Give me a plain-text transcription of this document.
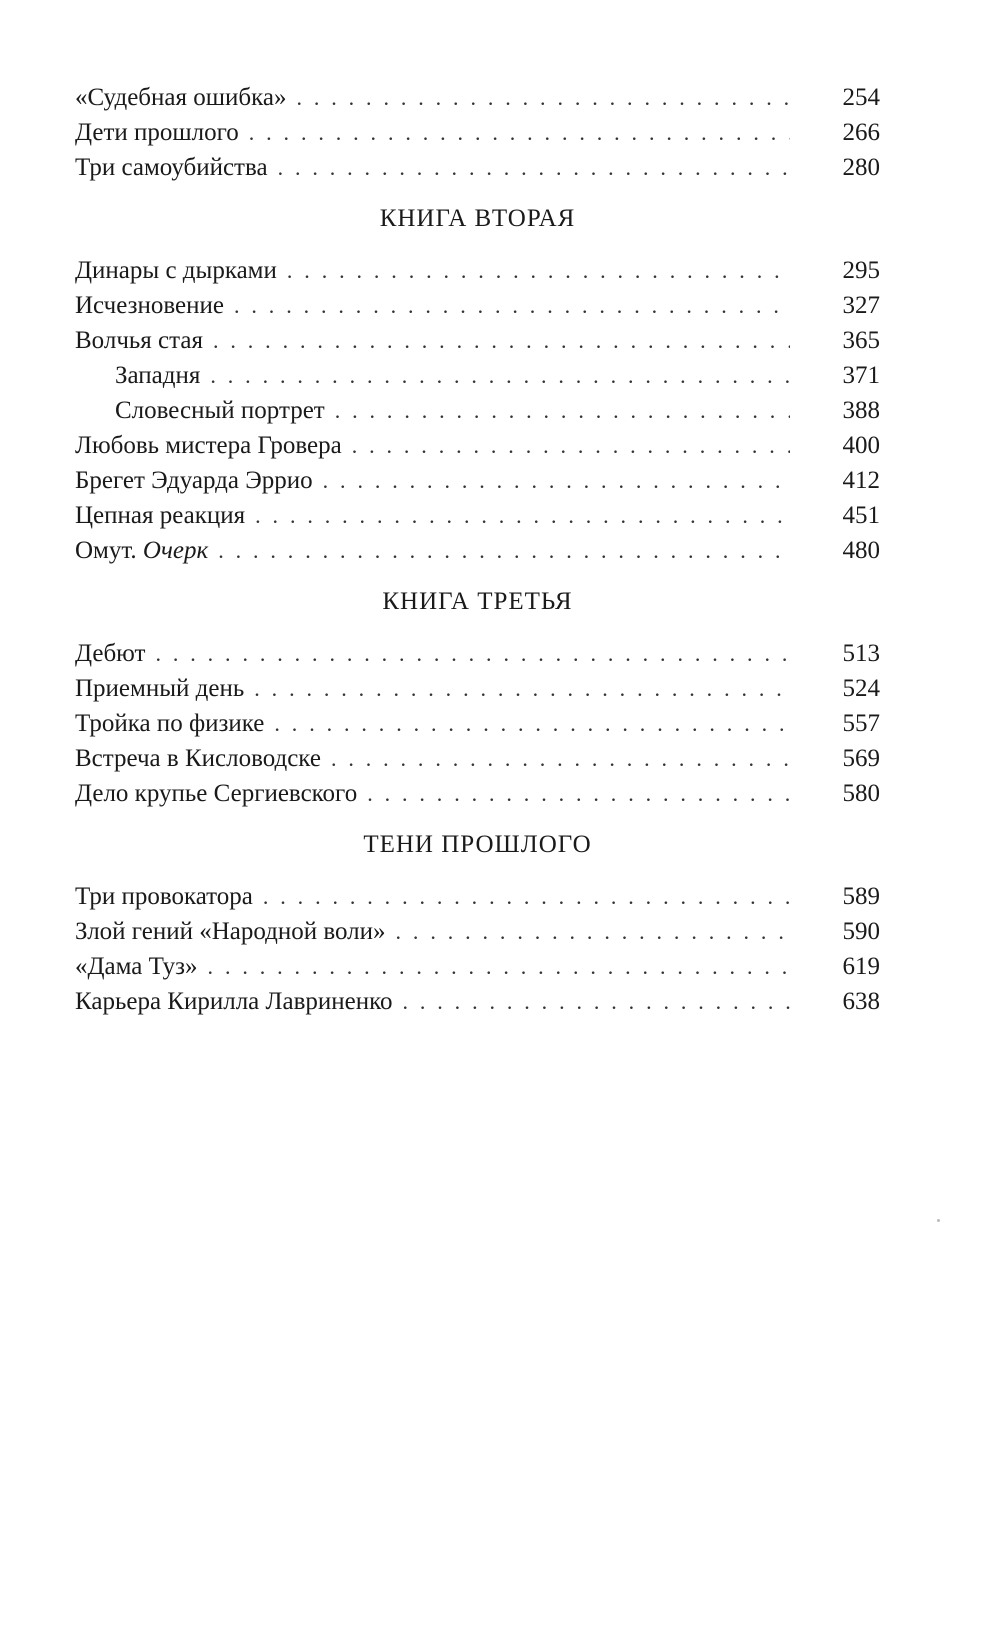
«Судебная ошибка» . . .	254
Дети прошлого . . .	266
Три самоубийства . . .	280
КНИГА ВТОРАЯ
Динары с дырками . . .	295
Исчезновение . . .	327
Волчья стая . . .	365
Западня . . .	371
Словесный портрет . . .	388
Любовь мистера Гровера . . .	400
Брегет Эдуарда Эррио . . .	412
Цепная реакция . . .	451
Омут. Очерк . . .	480
КНИГА ТРЕТЬЯ
Дебют . . .	513
Приемный день . . .	524
Тройка по физике . . .	557
Встреча в Кисловодске . . .	569
Дело крупье Сергиевского . . .	580
ТЕНИ ПРОШЛОГО
Три провокатора . . .	589
Злой гений «Народной воли» . . .	590
«Дама Туз» . . .	619
Карьера Кирилла Лавриненко . . .	638
